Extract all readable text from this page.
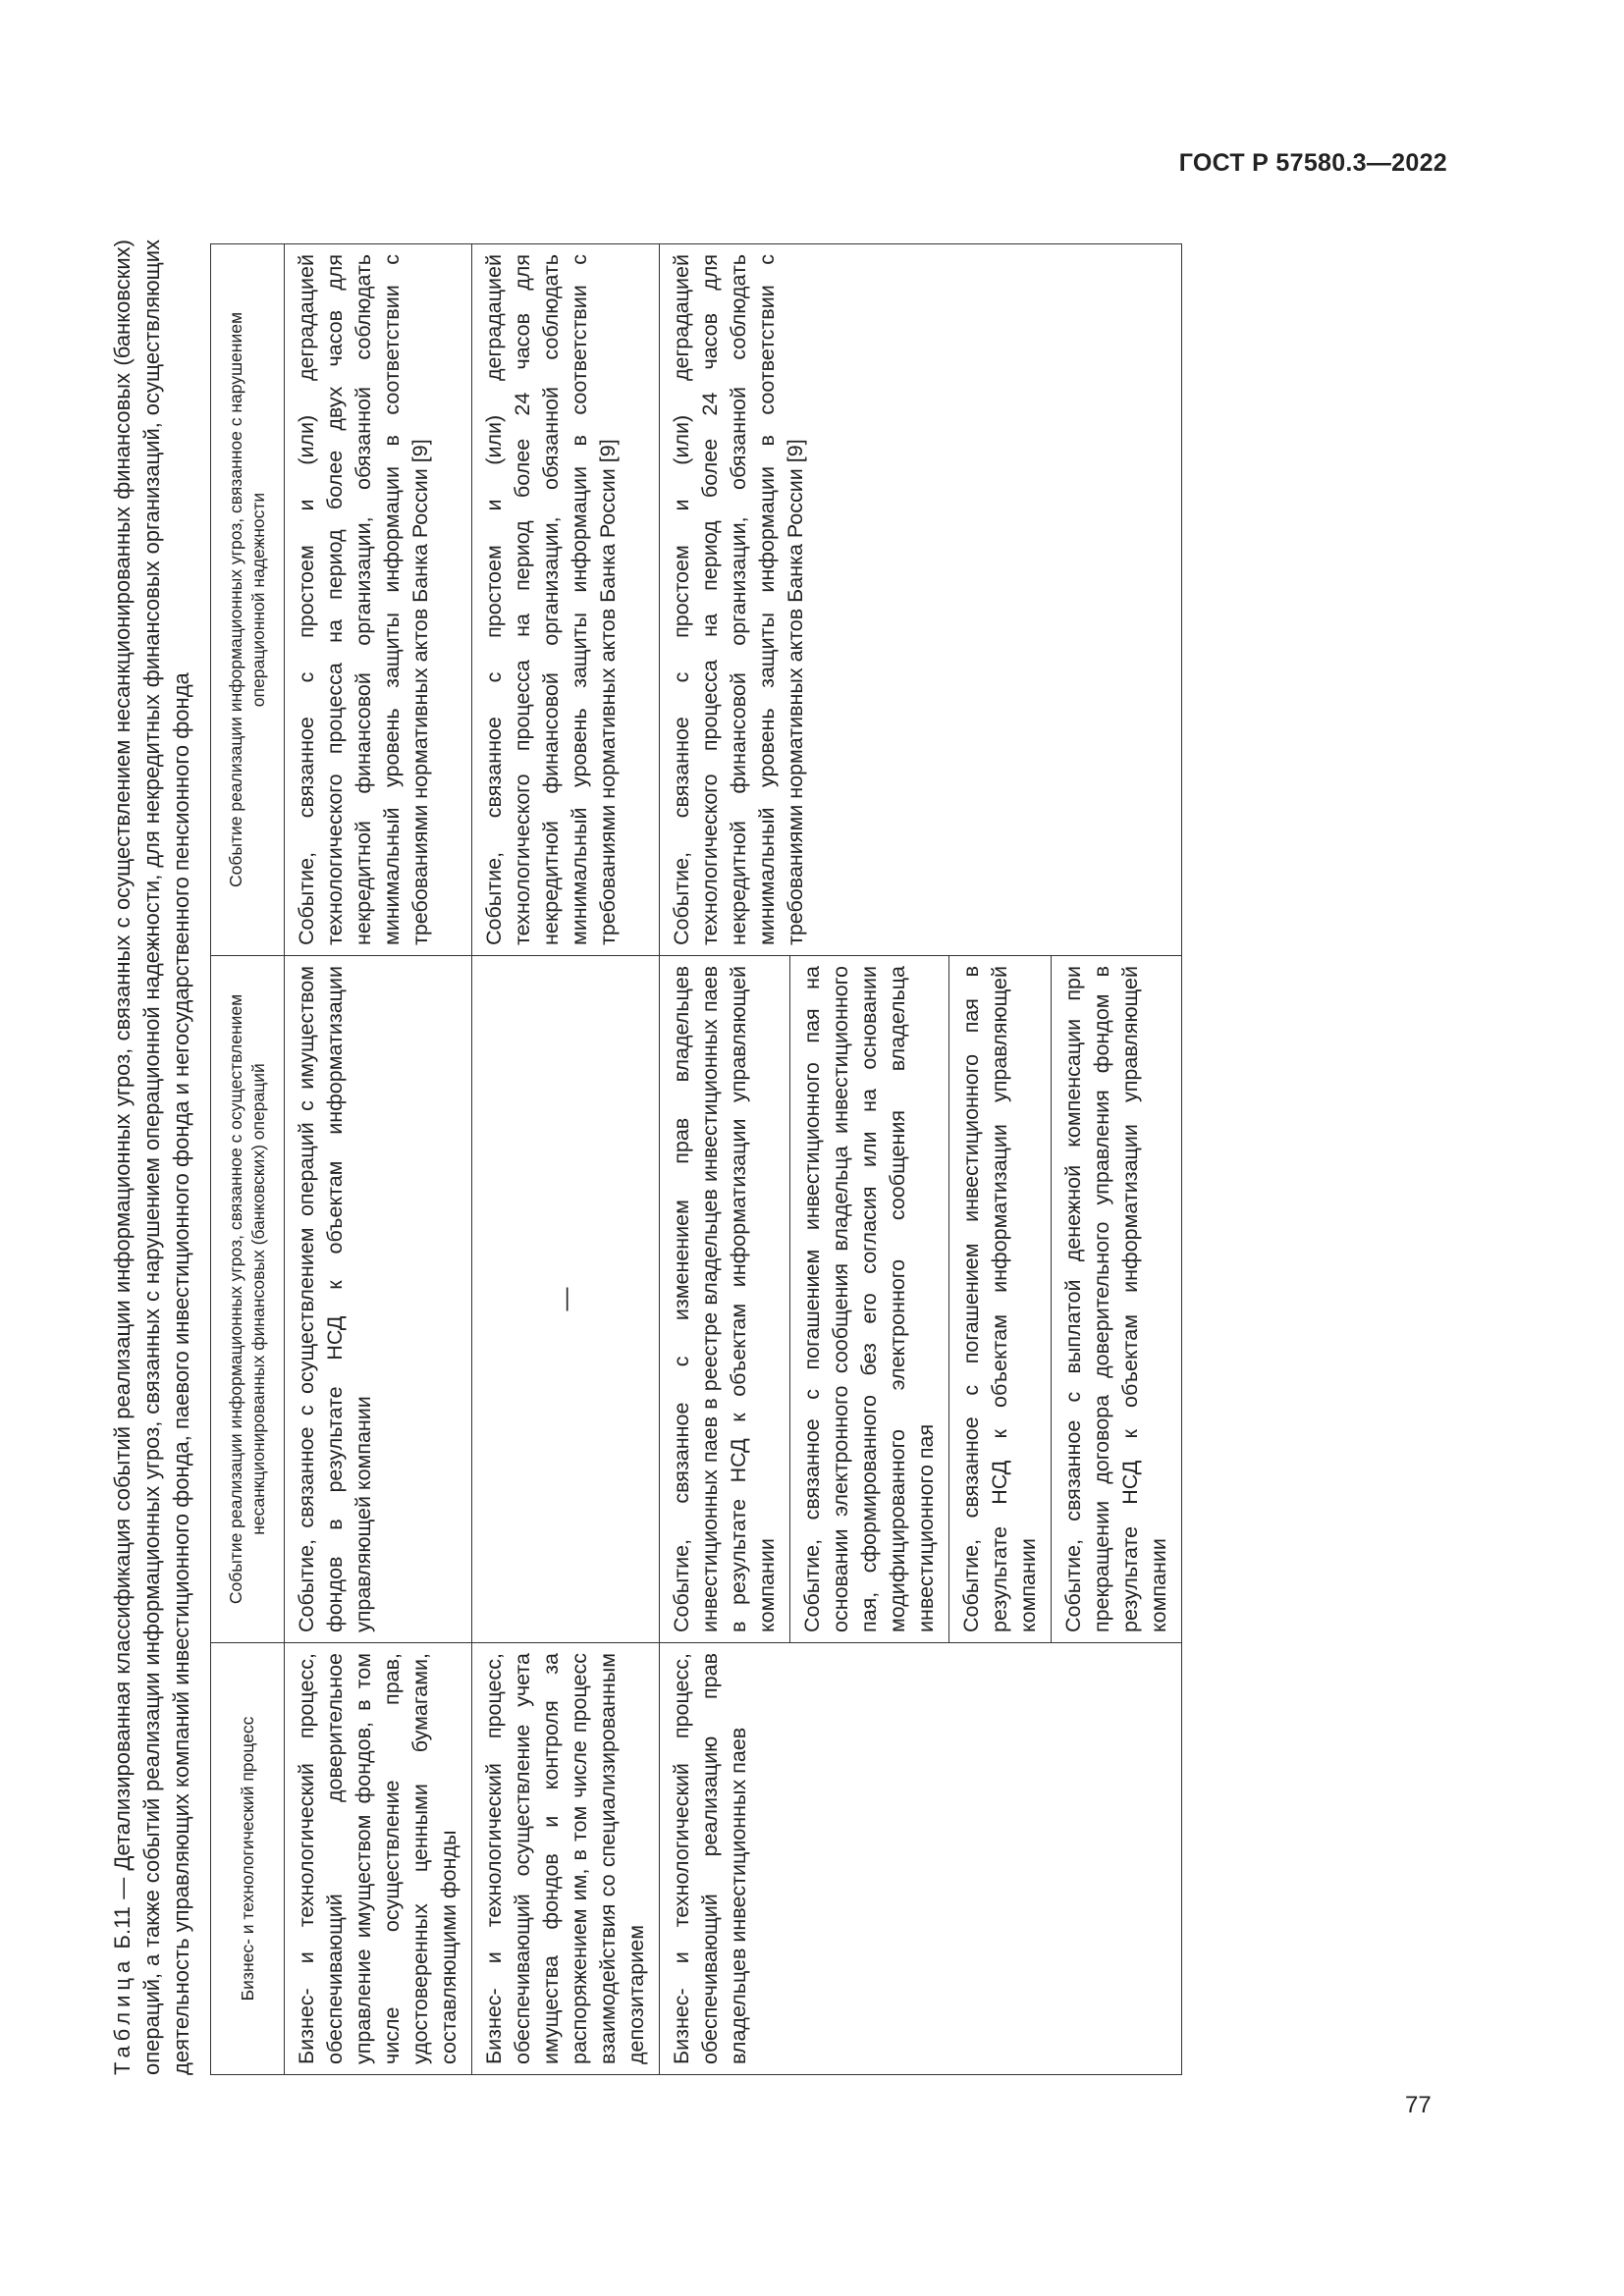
ГОСТ Р 57580.3—2022
Таблица Б.11 — Детализированная классификация событий реализации информационных угроз, связанных с осуществлением несанкционированных финансовых (банковских) операций, а также событий реализации информационных угроз, связанных с нарушением операционной надежности, для некредитных финансовых организаций, осуществляющих деятельность управляющих компаний инвестиционного фонда, паевого инвестиционного фонда и негосударственного пенсионного фонда	Бизнес- и технологический процесс	Событие реализации информационных угроз, связанное с осуществлением несанкционированных финансовых (банковских) операций	Событие реализации информационных угроз, связанное с нарушением операционной надежности
Бизнес- и технологический процесс, обеспечивающий доверительное управление имуществом фондов, в том числе осуществление прав, удостоверенных ценными бумагами, составляющими фонды	Событие, связанное с осуществлением операций с имуществом фондов в результате НСД к объектам информатизации управляющей компании	Событие, связанное с простоем и (или) деградацией технологического процесса на период более двух часов для некредитной финансовой организации, обязанной соблюдать минимальный уровень защиты информации в соответствии с требованиями нормативных актов Банка России [9]
Бизнес- и технологический процесс, обеспечивающий осуществление учета имущества фондов и контроля за распоряжением им, в том числе процесс взаимодействия со специализированным депозитарием	—	Событие, связанное с простоем и (или) деградацией технологического процесса на период более 24 часов для некредитной финансовой организации, обязанной соблюдать минимальный уровень защиты информации в соответствии с требованиями нормативных актов Банка России [9]
Бизнес- и технологический процесс, обеспечивающий реализацию прав владельцев инвестиционных паев	Событие, связанное с изменением прав владельцев инвестиционных паев в реестре владельцев инвестиционных паев в результате НСД к объектам информатизации управляющей компании	Событие, связанное с простоем и (или) деградацией технологического процесса на период более 24 часов для некредитной финансовой организации, обязанной соблюдать минимальный уровень защиты информации в соответствии с требованиями нормативных актов Банка России [9]
	Событие, связанное с погашением инвестиционного пая на основании электронного сообщения владельца инвестиционного пая, сформированного без его согласия или на основании модифицированного электронного сообщения владельца инвестиционного пая	
	Событие, связанное с погашением инвестиционного пая в результате НСД к объектам информатизации управляющей компании	
	Событие, связанное с выплатой денежной компенсации при прекращении договора доверительного управления фондом в результате НСД к объектам информатизации управляющей компании	
77
